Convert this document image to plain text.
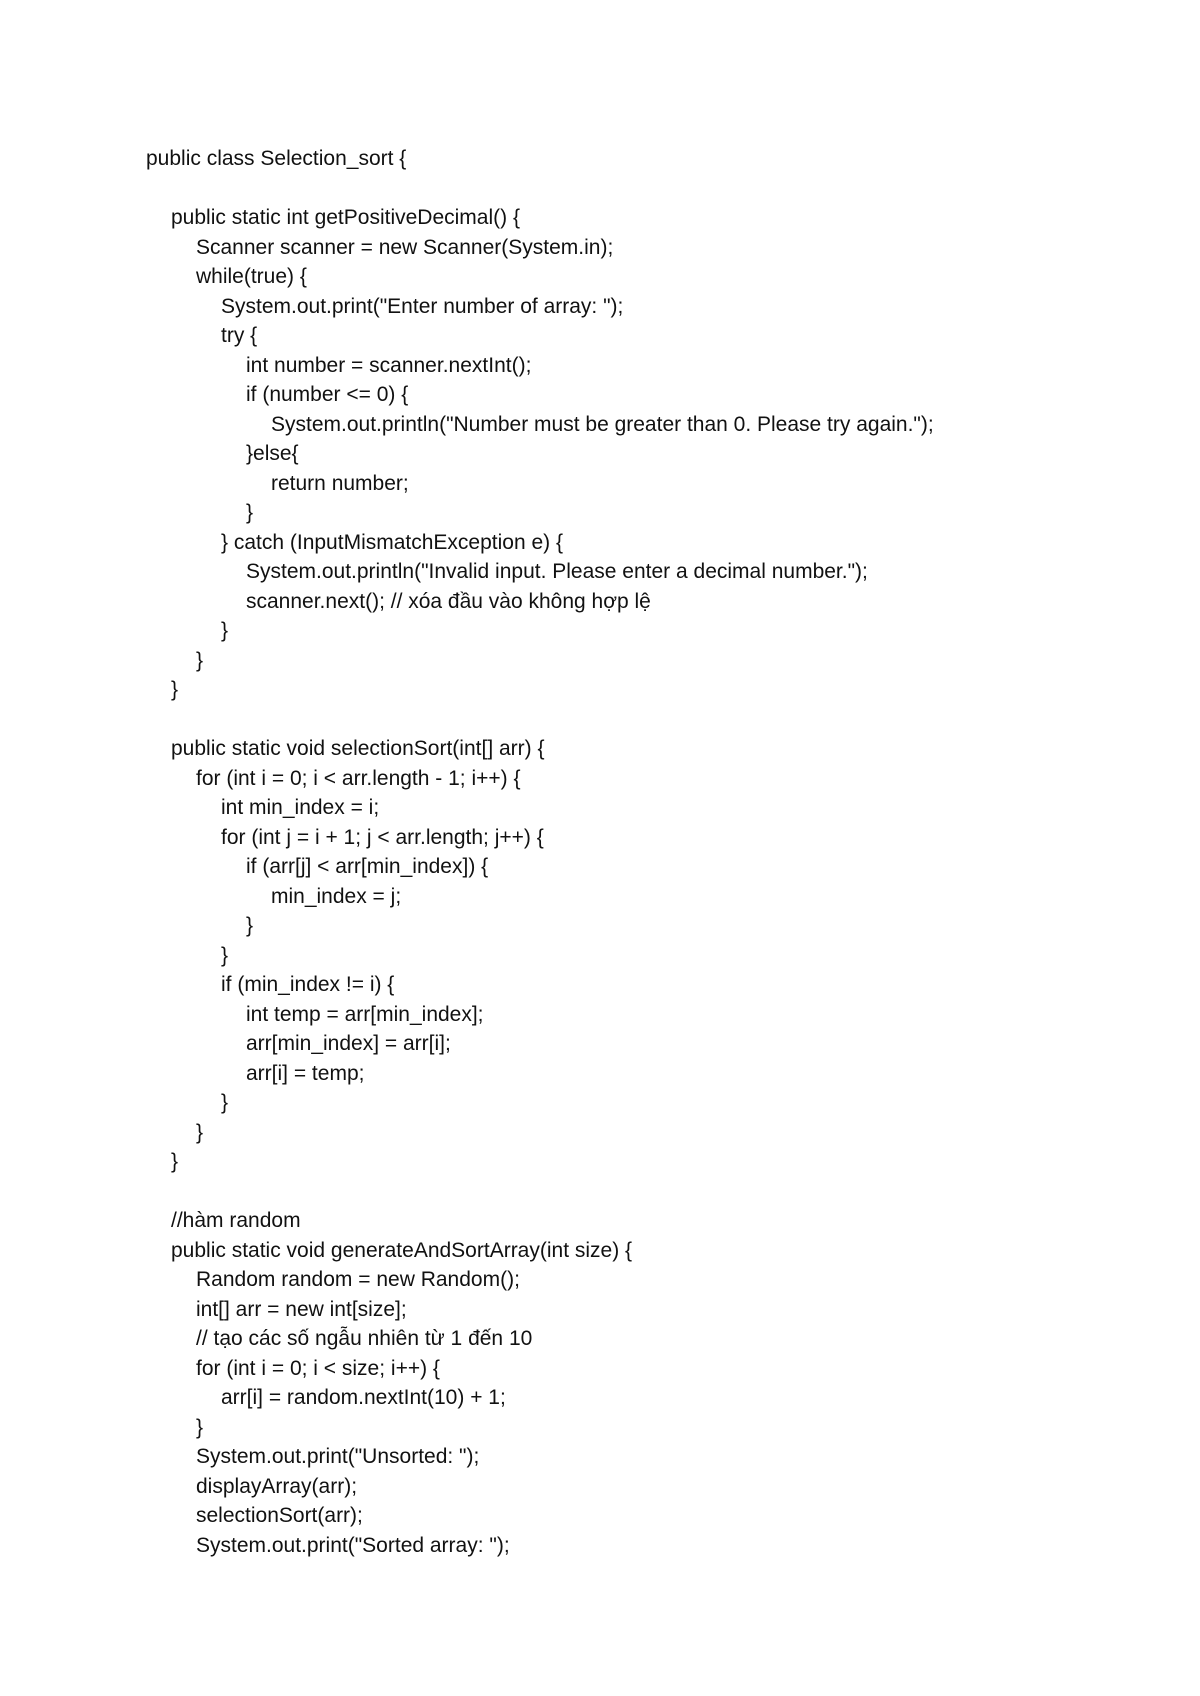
public class Selection_sort {
public static int getPositiveDecimal() {
Scanner scanner = new Scanner(System.in);
while(true) {
System.out.print("Enter number of array: ");
try {
int number = scanner.nextInt();
if (number <= 0) {
System.out.println("Number must be greater than 0. Please try again.");
}else{
return number;
}
} catch (InputMismatchException e) {
System.out.println("Invalid input. Please enter a decimal number.");
scanner.next(); // xóa đầu vào không hợp lệ
}
}
}
public static void selectionSort(int[] arr) {
for (int i = 0; i < arr.length - 1; i++) {
int min_index = i;
for (int j = i + 1; j < arr.length; j++) {
if (arr[j] < arr[min_index]) {
min_index = j;
}
}
if (min_index != i) {
int temp = arr[min_index];
arr[min_index] = arr[i];
arr[i] = temp;
}
}
}
//hàm random
public static void generateAndSortArray(int size) {
Random random = new Random();
int[] arr = new int[size];
// tạo các số ngẫu nhiên từ 1 đến 10
for (int i = 0; i < size; i++) {
arr[i] = random.nextInt(10) + 1;
}
System.out.print("Unsorted: ");
displayArray(arr);
selectionSort(arr);
System.out.print("Sorted array: ");
